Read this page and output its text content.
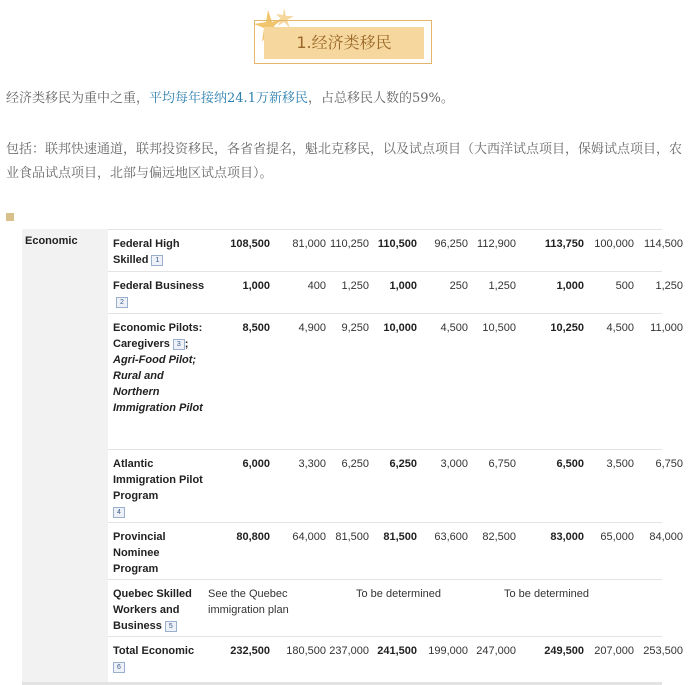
1.经济类移民
经济类移民为重中之重，平均每年接纳24.1万新移民，占总移民人数的59%。
包括：联邦快速通道，联邦投资移民，各省省提名，魁北克移民，以及试点项目（大西洋试点项目，保姆试点项目，农业食品试点项目，北部与偏远地区试点项目）。
Economic	Federal High Skilled 1
108,500	81,000 110,250 110,500	96,250 112,900	113,750 100,000 114,500
Federal Business2
1,000	400	1,250	1,000	250	1,250	1,000	500	1,250
Economic Pilots: Caregivers 3 ; Agri-Food Pilot; Rural and Northern Immigration Pilot
8,500	4,900	9,250	10,000	4,500	10,500	10,250	4,500	11,000
Atlantic Immigration Pilot Program
4
6,000	3,300	6,250	6,250	3,000	6,750	6,500	3,500	6,750
Provincial Nominee Program
80,800	64,000 81,500	81,500	63,600	82,500	83,000	65,000	84,000
Quebec Skilled Workers and Business 5
See the Quebec immigration plan
To be determined	To be determined
Total Economic
6
232,500	180,500 237,000 241,500	199,000 247,000	249,500 207,000 253,500
